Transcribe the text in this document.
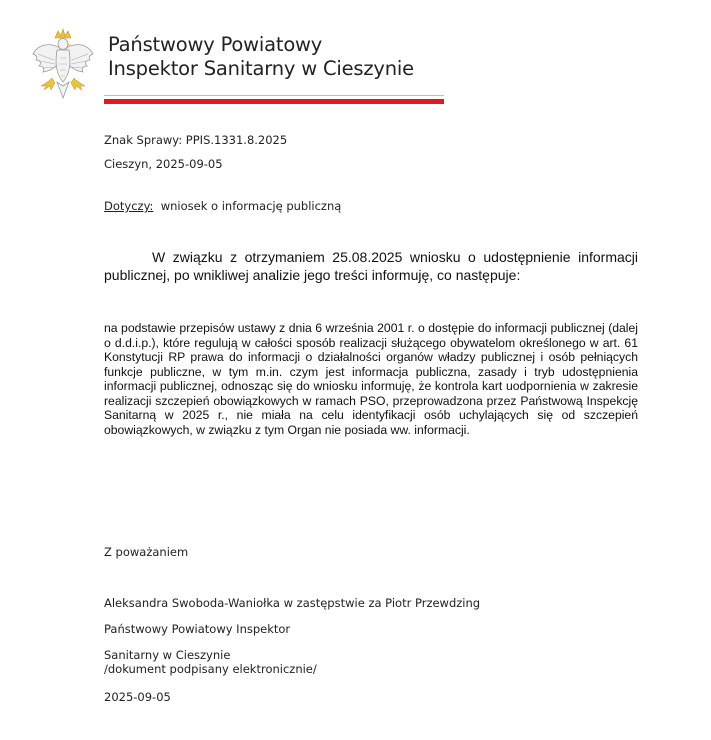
Państwowy Powiatowy
Inspektor Sanitarny w Cieszynie
Znak Sprawy: PPIS.1331.8.2025
Cieszyn, 2025-09-05
Dotyczy: wniosek o informację publiczną
W związku z otrzymaniem 25.08.2025 wniosku o udostępnienie informacji publicznej, po wnikliwej analizie jego treści informuję, co następuje:
na podstawie przepisów ustawy z dnia 6 września 2001 r. o dostępie do informacji publicznej (dalej o d.d.i.p.), które regulują w całości sposób realizacji służącego obywatelom określonego w art. 61 Konstytucji RP prawa do informacji o działalności organów władzy publicznej i osób pełniących funkcje publiczne, w tym m.in. czym jest informacja publiczna, zasady i tryb udostępnienia informacji publicznej, odnosząc się do wniosku informuję, że kontrola kart uodpornienia w zakresie realizacji szczepień obowiązkowych w ramach PSO, przeprowadzona przez Państwową Inspekcję Sanitarną w 2025 r., nie miała na celu identyfikacji osób uchylających się od szczepień obowiązkowych, w związku z tym Organ nie posiada ww. informacji.
Z poważaniem
Aleksandra Swoboda-Waniołka w zastępstwie za Piotr Przewdzing
Państwowy Powiatowy Inspektor
Sanitarny w Cieszynie
/dokument podpisany elektronicznie/
2025-09-05
